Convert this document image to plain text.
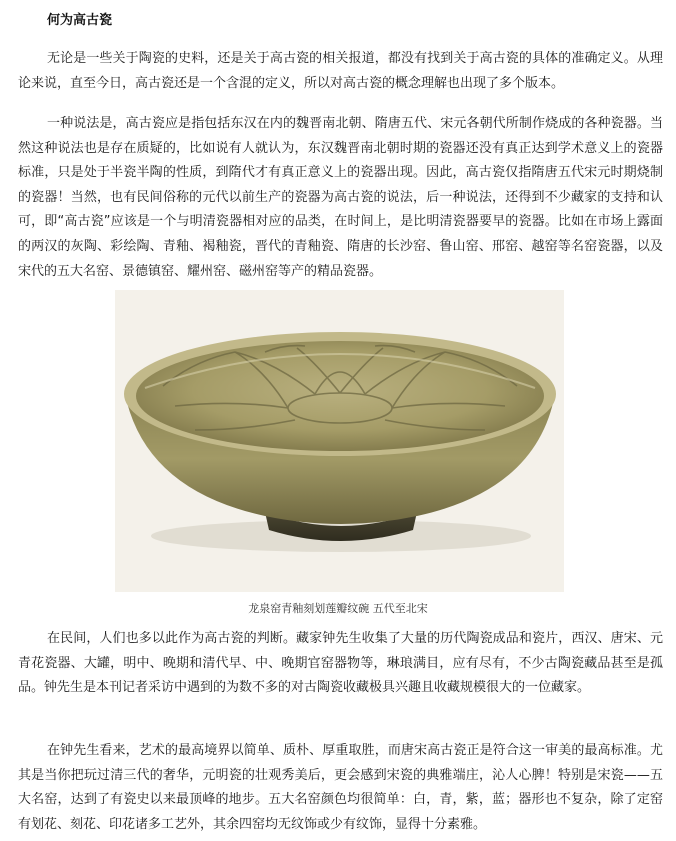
何为高古瓷

无论是一些关于陶瓷的史料，还是关于高古瓷的相关报道，都没有找到关于高古瓷的具体的准确定义。从理论来说，直至今日，高古瓷还是一个含混的定义，所以对高古瓷的概念理解也出现了多个版本。

一种说法是，高古瓷应是指包括东汉在内的魏晋南北朝、隋唐五代、宋元各朝代所制作烧成的各种瓷器。当然这种说法也是存在质疑的，比如说有人就认为，东汉魏晋南北朝时期的瓷器还没有真正达到学术意义上的瓷器标准，只是处于半瓷半陶的性质，到隋代才有真正意义上的瓷器出现。因此，高古瓷仅指隋唐五代宋元时期烧制的瓷器！当然，也有民间俗称的元代以前生产的瓷器为高古瓷的说法，后一种说法，还得到不少藏家的支持和认可，即“高古瓷”应该是一个与明清瓷器相对应的品类，在时间上，是比明清瓷器要早的瓷器。比如在市场上露面的两汉的灰陶、彩绘陶、青釉、褐釉瓷，晋代的青釉瓷、隋唐的长沙窑、鲁山窑、邢窑、越窑等名窑瓷器，以及宋代的五大名窑、景德镇窑、耀州窑、磁州窑等产的精品瓷器。

龙泉窑青釉刻划莲瓣纹碗 五代至北宋

在民间，人们也多以此作为高古瓷的判断。藏家钟先生收集了大量的历代陶瓷成品和瓷片，西汉、唐宋、元青花瓷器、大罐，明中、晚期和清代早、中、晚期官窑器物等，琳琅满目，应有尽有，不少古陶瓷藏品甚至是孤品。钟先生是本刊记者采访中遇到的为数不多的对古陶瓷收藏极具兴趣且收藏规模很大的一位藏家。

在钟先生看来，艺术的最高境界以简单、质朴、厚重取胜，而唐宋高古瓷正是符合这一审美的最高标准。尤其是当你把玩过清三代的奢华，元明瓷的壮观秀美后，更会感到宋瓷的典雅端庄，沁人心脾！特别是宋瓷——五大名窑，达到了有瓷史以来最顶峰的地步。五大名窑颜色均很简单：白，青，紫，蓝；器形也不复杂，除了定窑有划花、刻花、印花诸多工艺外，其余四窑均无纹饰或少有纹饰，显得十分素雅。
